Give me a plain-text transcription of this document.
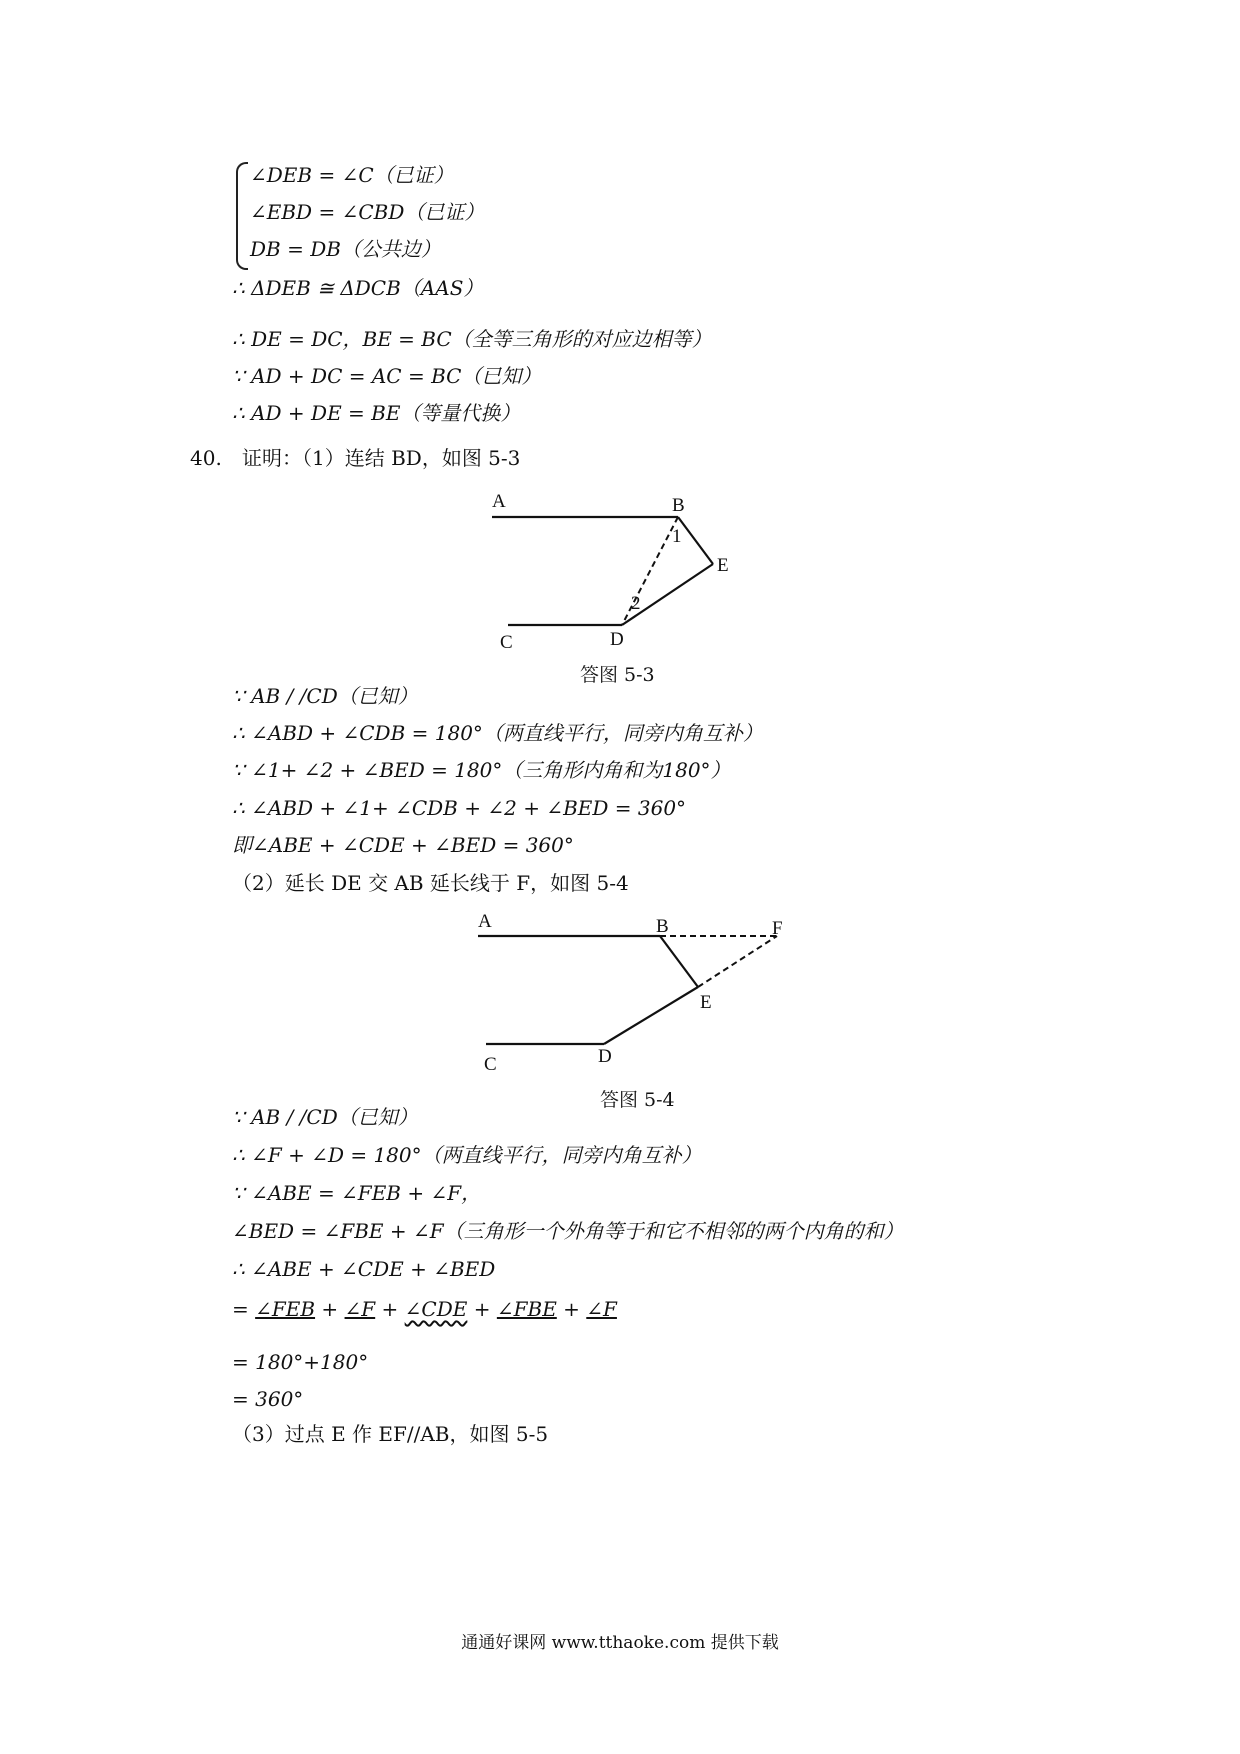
∠DEB = ∠C（已证）
∠EBD = ∠CBD（已证）
DB = DB（公共边）
∴ ΔDEB ≅ ΔDCB（AAS）
∴ DE = DC，BE = BC（全等三角形的对应边相等）
∵ AD + DC = AC = BC（已知）
∴ AD + DE = BE（等量代换）
40. 证明：（1）连结 BD，如图 5-3
A	B
E
C	D
1
2
答图 5-3
∵ AB / /CD（已知）
∴ ∠ABD + ∠CDB = 180°（两直线平行，同旁内角互补）
∵ ∠1+ ∠2 + ∠BED = 180°（三角形内角和为180°）
∴ ∠ABD + ∠1+ ∠CDB + ∠2 + ∠BED = 360°
即∠ABE + ∠CDE + ∠BED = 360°
（2）延长 DE 交 AB 延长线于 F，如图 5-4
A	B	F
E
D
C
答图 5-4
∵ AB / /CD（已知）
∴ ∠F + ∠D = 180°（两直线平行，同旁内角互补）
∵ ∠ABE = ∠FEB + ∠F，
∠BED = ∠FBE + ∠F（三角形一个外角等于和它不相邻的两个内角的和）
∴ ∠ABE + ∠CDE + ∠BED
= ∠FEB + ∠F + ∠CDE + ∠FBE + ∠F
= 180°+180°
= 360°
（3）过点 E 作 EF//AB，如图 5-5
通通好课网 www.tthaoke.com 提供下载
